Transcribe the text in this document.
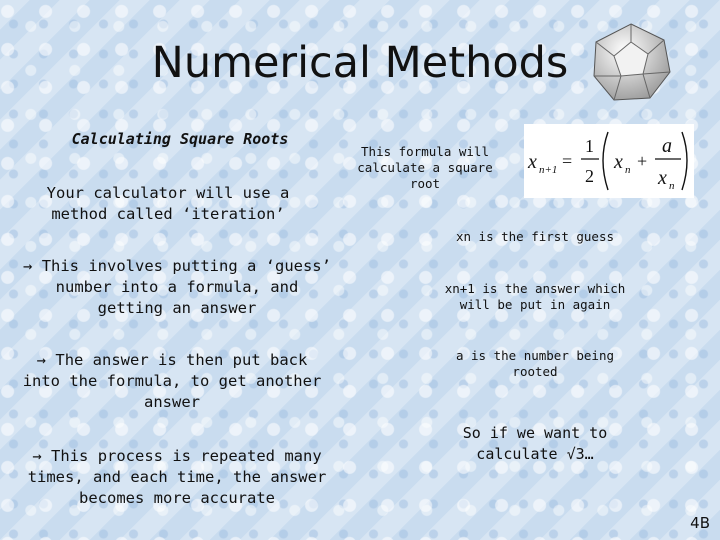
Numerical Methods
Calculating Square Roots
Your calculator will use a method called ‘iteration’
→ This involves putting a ‘guess’ number into a formula, and getting an answer
→ The answer is then put back into the formula, to get another answer
→ This process is repeated many times, and each time, the answer becomes more accurate
This formula will calculate a square root
x n+1 =
1
2
x n +
a
x n
xn is the first guess
xn+1 is the answer which will be put in again
a is the number being rooted
So if we want to calculate √3…
4B
